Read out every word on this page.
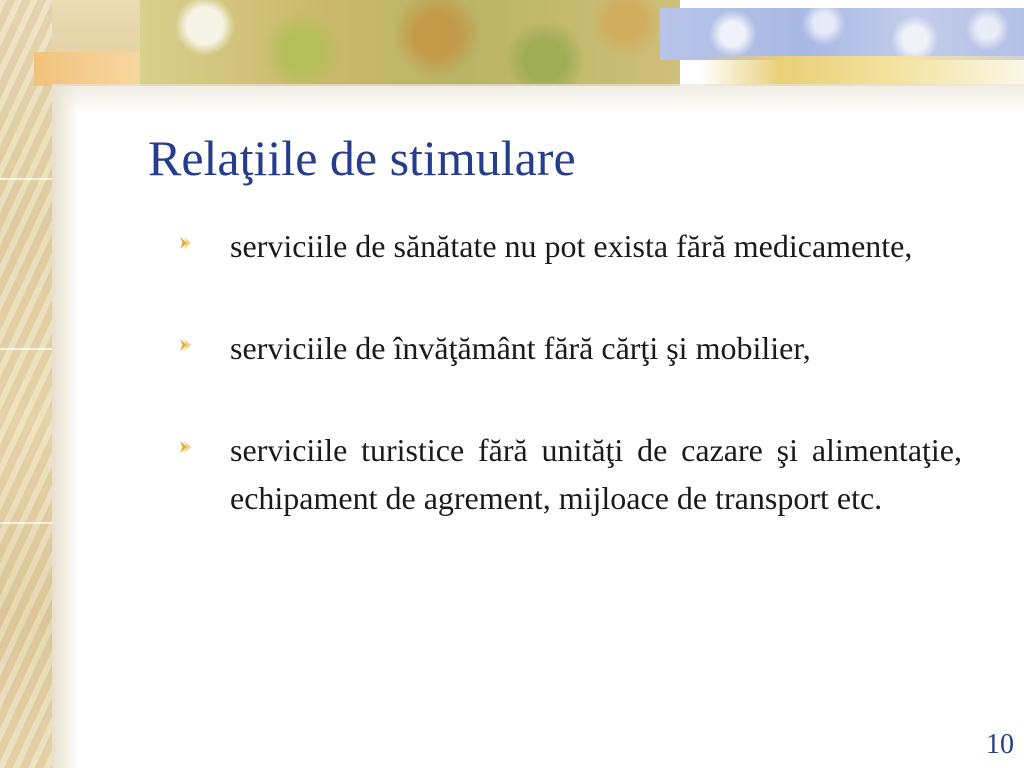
Relaţiile de stimulare
serviciile de sănătate nu pot exista fără medicamente,
serviciile de învăţământ fără cărţi şi mobilier,
serviciile turistice fără unităţi de cazare şi alimentaţie, echipament de agrement, mijloace de transport etc.
10
